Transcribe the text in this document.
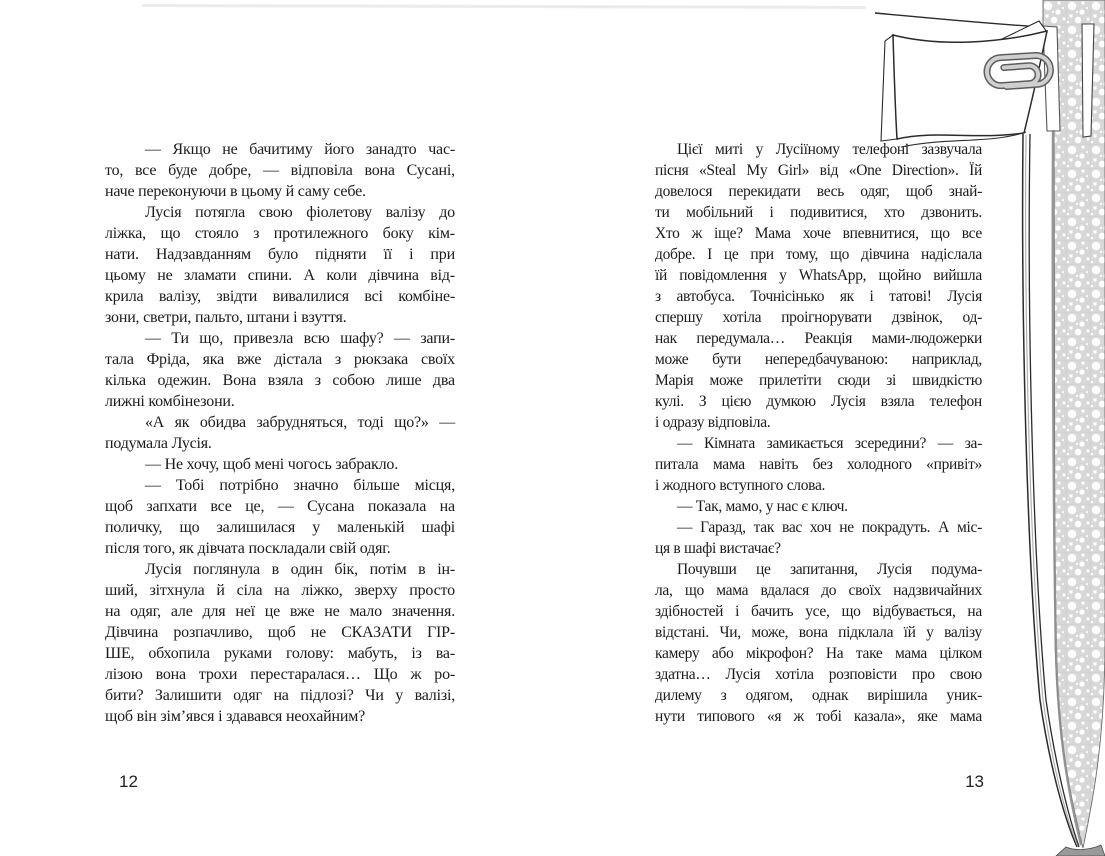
— Якщо не бачитиму його занадто час-
то, все буде добре, — відповіла вона Сусані,
наче переконуючи в цьому й саму себе.
Лусія потягла свою фіолетову валізу до
ліжка, що стояло з протилежного боку кім-
нати. Надзавданням було підняти її і при
цьому не зламати спини. А коли дівчина від-
крила валізу, звідти вивалилися всі комбіне-
зони, светри, пальто, штани і взуття.
— Ти що, привезла всю шафу? — запи-
тала Фріда, яка вже дістала з рюкзака своїх
кілька одежин. Вона взяла з собою лише два
лижні комбінезони.
«А як обидва забрудняться, тоді що?» —
подумала Лусія.
— Не хочу, щоб мені чогось забракло.
— Тобі потрібно значно більше місця,
щоб запхати все це, — Сусана показала на
поличку, що залишилася у маленькій шафі
після того, як дівчата поскладали свій одяг.
Лусія поглянула в один бік, потім в ін-
ший, зітхнула й сіла на ліжко, зверху просто
на одяг, але для неї це вже не мало значення.
Дівчина розпачливо, щоб не СКАЗАТИ ГІР-
ШЕ, обхопила руками голову: мабуть, із ва-
лізою вона трохи перестаралася… Що ж ро-
бити? Залишити одяг на підлозі? Чи у валізі,
щоб він зім’явся і здавався неохайним?
Цієї миті у Лусіїному телефоні зазвучала
пісня «Steal My Girl» від «One Direction». Їй
довелося перекидати весь одяг, щоб знай-
ти мобільний і подивитися, хто дзвонить.
Хто ж іще? Мама хоче впевнитися, що все
добре. І це при тому, що дівчина надіслала
їй повідомлення у WhatsApp, щойно вийшла
з автобуса. Точнісінько як і татові! Лусія
спершу хотіла проігнорувати дзвінок, од-
нак передумала… Реакція мами-людожерки
може бути непередбачуваною: наприклад,
Марія може прилетіти сюди зі швидкістю
кулі. З цією думкою Лусія взяла телефон
і одразу відповіла.
— Кімната замикається зсередини? — за-
питала мама навіть без холодного «привіт»
і жодного вступного слова.
— Так, мамо, у нас є ключ.
— Гаразд, так вас хоч не покрадуть. А міс-
ця в шафі вистачає?
Почувши це запитання, Лусія подума-
ла, що мама вдалася до своїх надзвичайних
здібностей і бачить усе, що відбувається, на
відстані. Чи, може, вона підклала їй у валізу
камеру або мікрофон? На таке мама цілком
здатна… Лусія хотіла розповісти про свою
дилему з одягом, однак вирішила уник-
нути типового «я ж тобі казала», яке мама
12	13
